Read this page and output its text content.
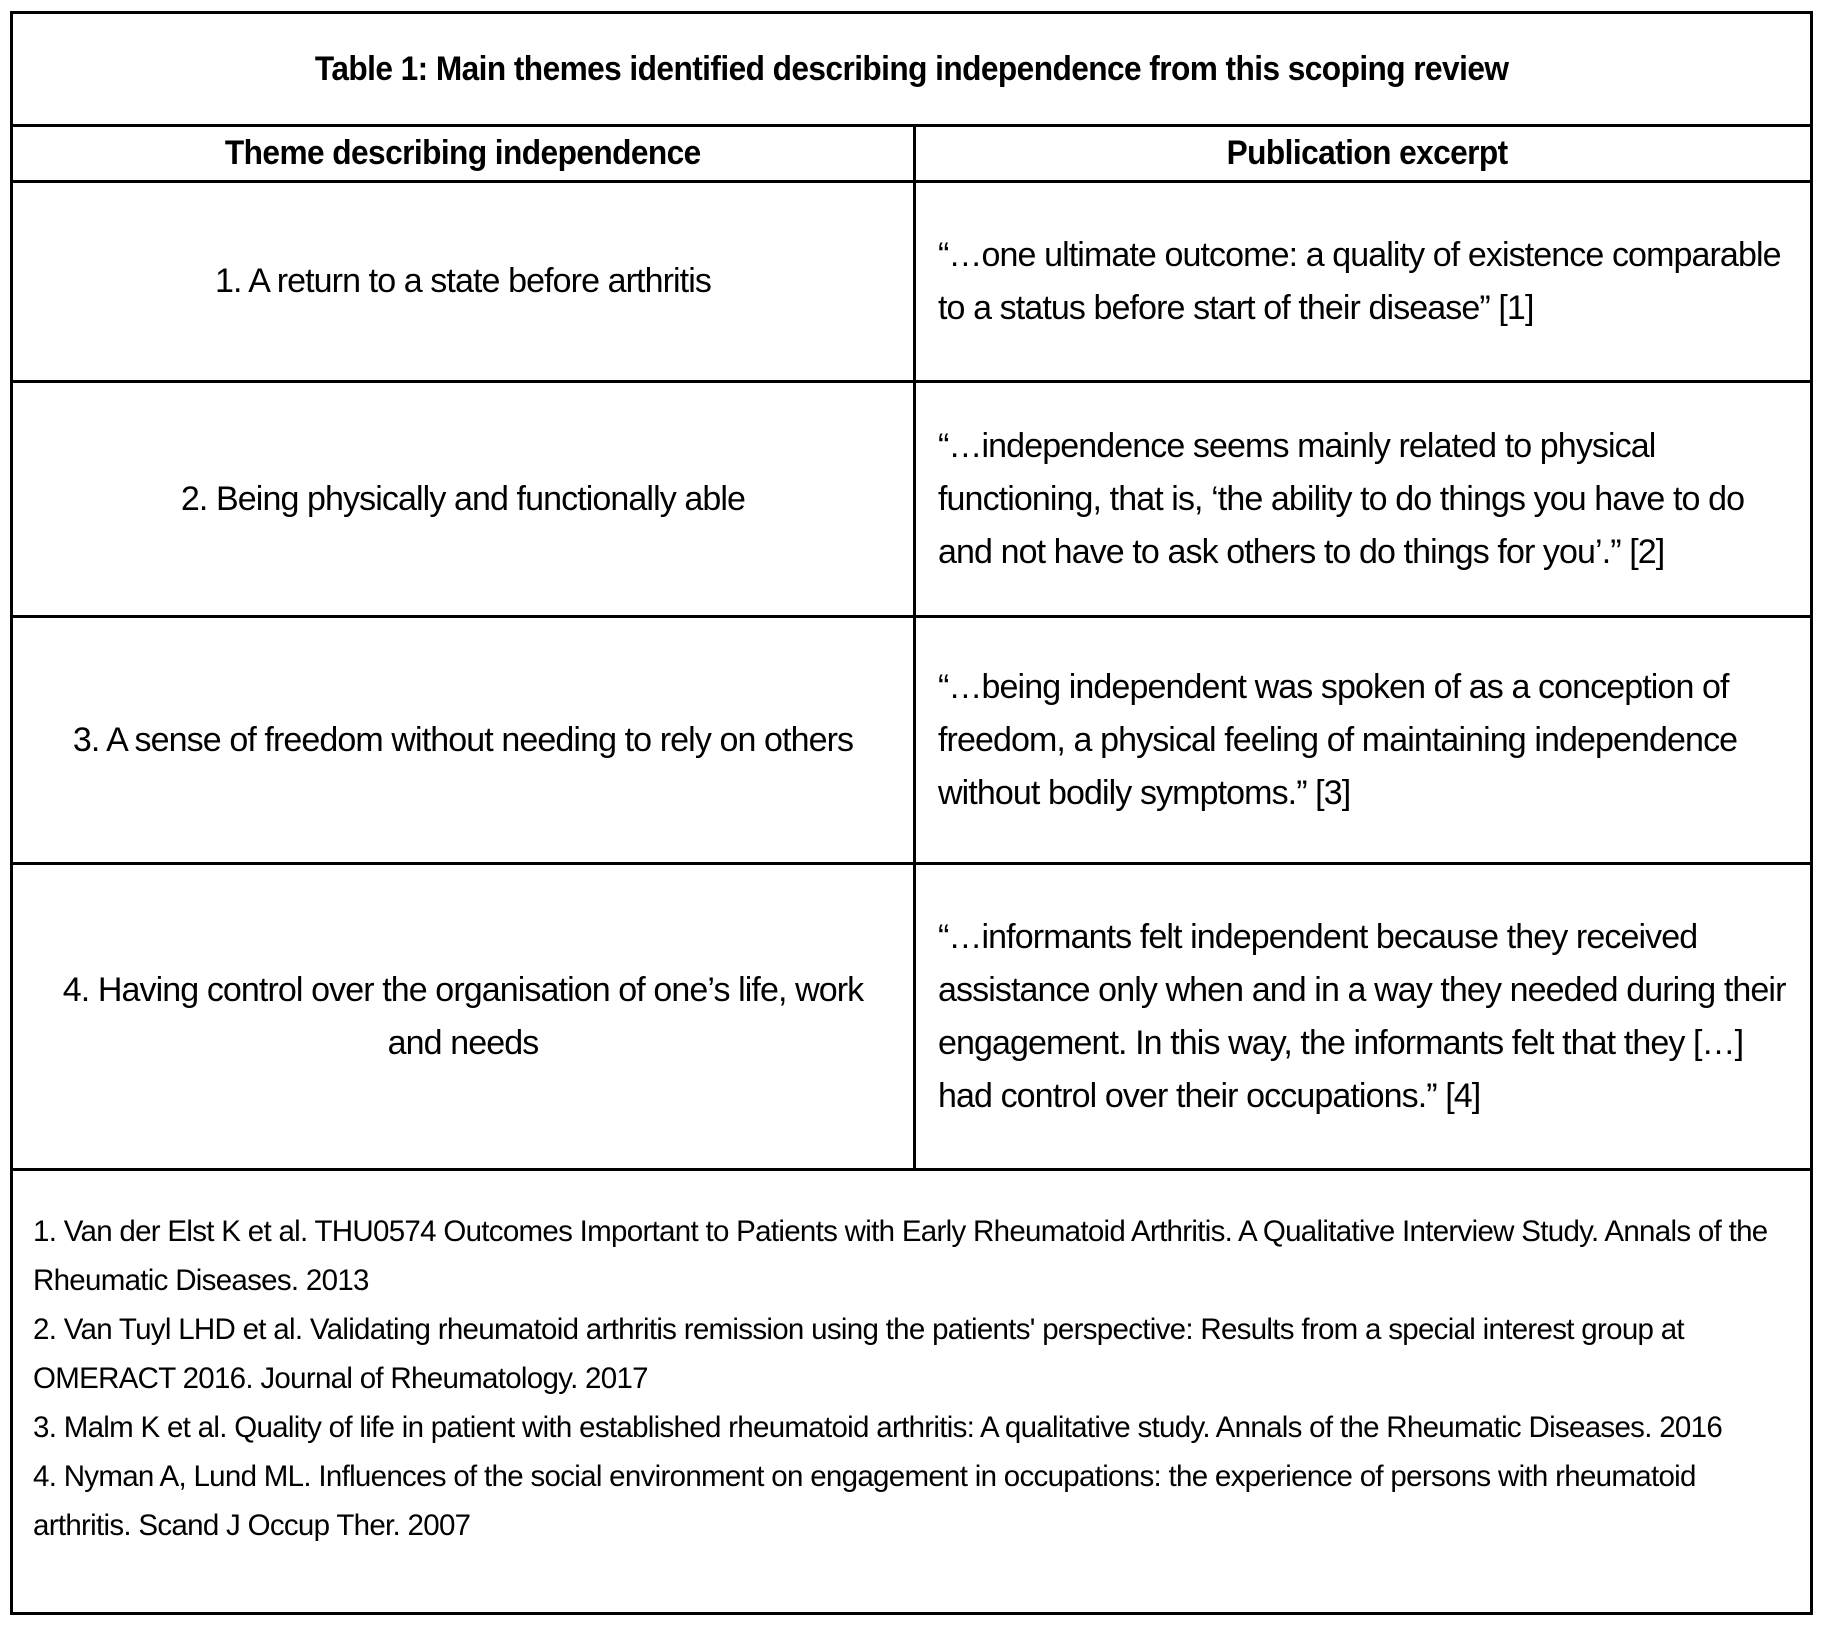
Table 1: Main themes identified describing independence from this scoping review
Theme describing independence	Publication excerpt
1. A return to a state before arthritis
“…one ultimate outcome: a quality of existence comparable to a status before start of their disease” [1]
2. Being physically and functionally able
“…independence seems mainly related to physical functioning, that is, ‘the ability to do things you have to do and not have to ask others to do things for you’.” [2]
3. A sense of freedom without needing to rely on others
“…being independent was spoken of as a conception of freedom, a physical feeling of maintaining independence without bodily symptoms.” [3]
4. Having control over the organisation of one’s life, work and needs
“…informants felt independent because they received assistance only when and in a way they needed during their engagement. In this way, the informants felt that they […] had control over their occupations.” [4]
1. Van der Elst K et al. THU0574 Outcomes Important to Patients with Early Rheumatoid Arthritis. A Qualitative Interview Study. Annals of the Rheumatic Diseases. 2013
2. Van Tuyl LHD et al. Validating rheumatoid arthritis remission using the patients' perspective: Results from a special interest group at OMERACT 2016. Journal of Rheumatology. 2017
3. Malm K et al. Quality of life in patient with established rheumatoid arthritis: A qualitative study. Annals of the Rheumatic Diseases. 2016
4. Nyman A, Lund ML. Influences of the social environment on engagement in occupations: the experience of persons with rheumatoid arthritis. Scand J Occup Ther. 2007
